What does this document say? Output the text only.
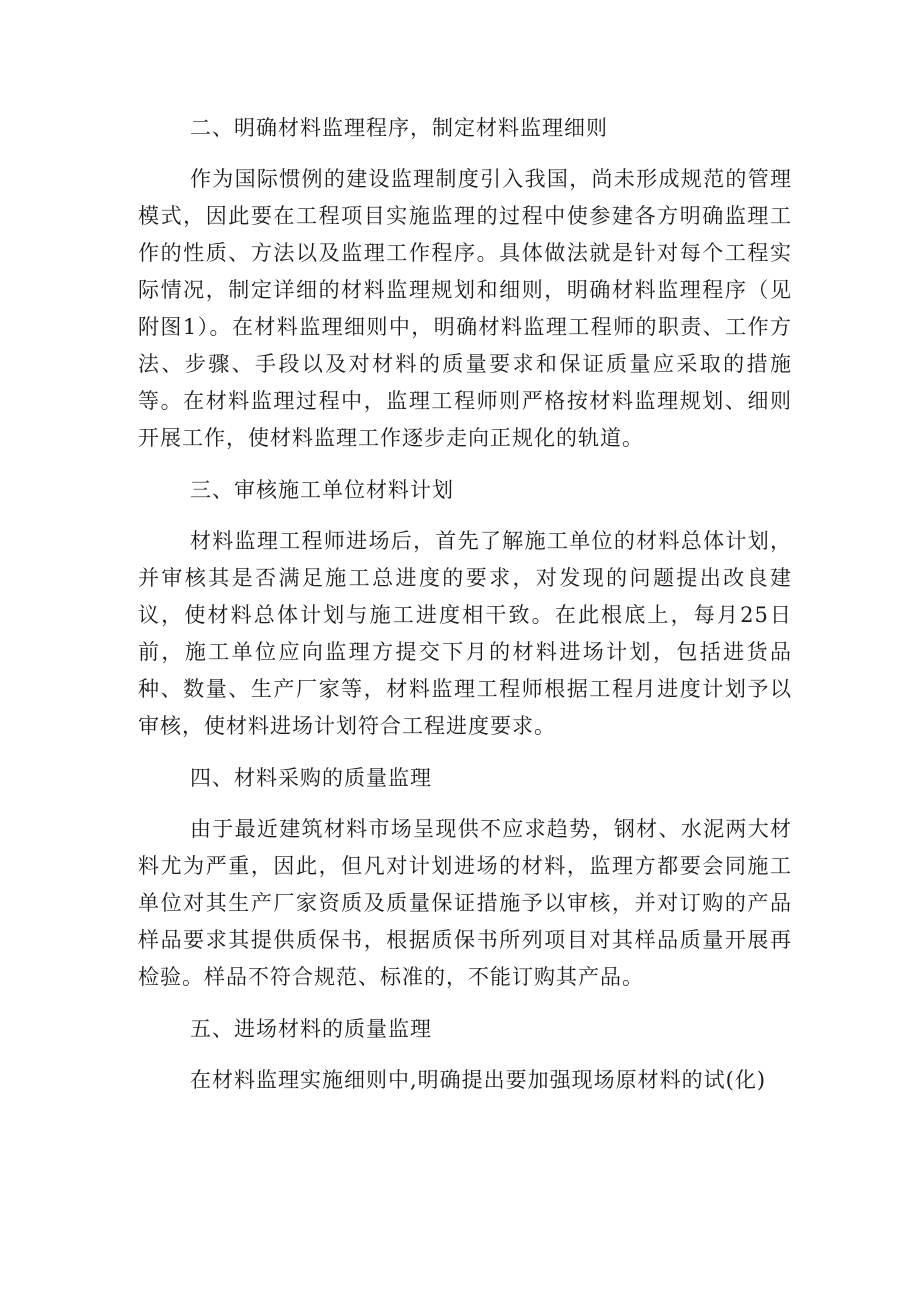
二、明确材料监理程序，制定材料监理细则

作为国际惯例的建设监理制度引入我国，尚未形成规范的管理模式，因此要在工程项目实施监理的过程中使参建各方明确监理工作的性质、方法以及监理工作程序。具体做法就是针对每个工程实际情况，制定详细的材料监理规划和细则，明确材料监理程序（见附图1）。在材料监理细则中，明确材料监理工程师的职责、工作方法、步骤、手段以及对材料的质量要求和保证质量应采取的措施等。在材料监理过程中，监理工程师则严格按材料监理规划、细则开展工作，使材料监理工作逐步走向正规化的轨道。

三、审核施工单位材料计划

材料监理工程师进场后，首先了解施工单位的材料总体计划，并审核其是否满足施工总进度的要求，对发现的问题提出改良建议，使材料总体计划与施工进度相干致。在此根底上，每月25日前，施工单位应向监理方提交下月的材料进场计划，包括进货品种、数量、生产厂家等，材料监理工程师根据工程月进度计划予以审核，使材料进场计划符合工程进度要求。

四、材料采购的质量监理

由于最近建筑材料市场呈现供不应求趋势，钢材、水泥两大材料尤为严重，因此，但凡对计划进场的材料，监理方都要会同施工单位对其生产厂家资质及质量保证措施予以审核，并对订购的产品样品要求其提供质保书，根据质保书所列项目对其样品质量开展再检验。样品不符合规范、标准的，不能订购其产品。

五、进场材料的质量监理

在材料监理实施细则中,明确提出要加强现场原材料的试(化)
